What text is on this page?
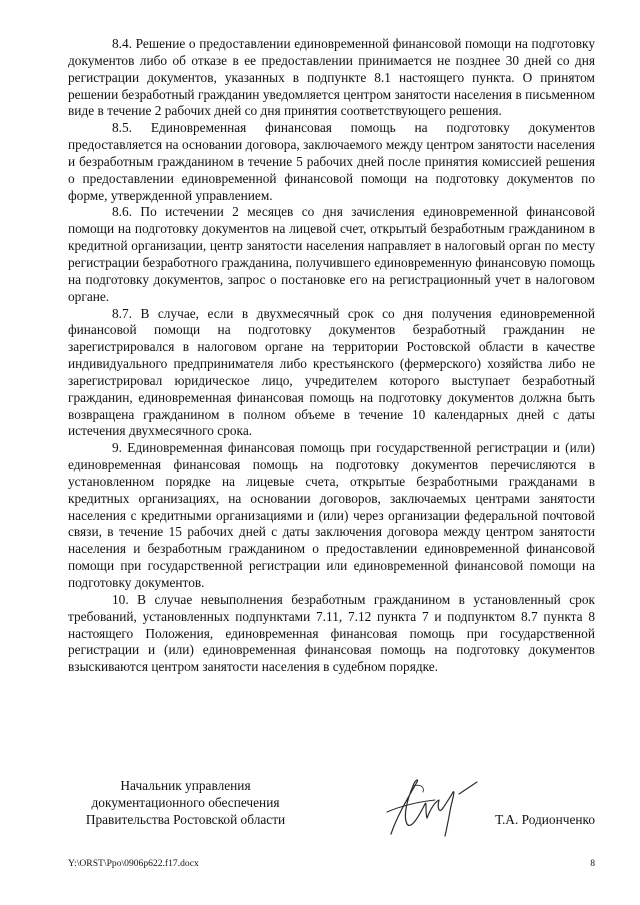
8.4. Решение о предоставлении единовременной финансовой помощи на подготовку документов либо об отказе в ее предоставлении принимается не позднее 30 дней со дня регистрации документов, указанных в подпункте 8.1 настоящего пункта. О принятом решении безработный гражданин уведомляется центром занятости населения в письменном виде в течение 2 рабочих дней со дня принятия соответствующего решения.

8.5. Единовременная финансовая помощь на подготовку документов предоставляется на основании договора, заключаемого между центром занятости населения и безработным гражданином в течение 5 рабочих дней после принятия комиссией решения о предоставлении единовременной финансовой помощи на подготовку документов по форме, утвержденной управлением.

8.6. По истечении 2 месяцев со дня зачисления единовременной финансовой помощи на подготовку документов на лицевой счет, открытый безработным гражданином в кредитной организации, центр занятости населения направляет в налоговый орган по месту регистрации безработного гражданина, получившего единовременную финансовую помощь на подготовку документов, запрос о постановке его на регистрационный учет в налоговом органе.

8.7. В случае, если в двухмесячный срок со дня получения единовременной финансовой помощи на подготовку документов безработный гражданин не зарегистрировался в налоговом органе на территории Ростовской области в качестве индивидуального предпринимателя либо крестьянского (фермерского) хозяйства либо не зарегистрировал юридическое лицо, учредителем которого выступает безработный гражданин, единовременная финансовая помощь на подготовку документов должна быть возвращена гражданином в полном объеме в течение 10 календарных дней с даты истечения двухмесячного срока.

9. Единовременная финансовая помощь при государственной регистрации и (или) единовременная финансовая помощь на подготовку документов перечисляются в установленном порядке на лицевые счета, открытые безработными гражданами в кредитных организациях, на основании договоров, заключаемых центрами занятости населения с кредитными организациями и (или) через организации федеральной почтовой связи, в течение 15 рабочих дней с даты заключения договора между центром занятости населения и безработным гражданином о предоставлении единовременной финансовой помощи при государственной регистрации или единовременной финансовой помощи на подготовку документов.

10. В случае невыполнения безработным гражданином в установленный срок требований, установленных подпунктами 7.11, 7.12 пункта 7 и подпунктом 8.7 пункта 8 настоящего Положения, единовременная финансовая помощь при государственной регистрации и (или) единовременная финансовая помощь на подготовку документов взыскиваются центром занятости населения в судебном порядке.

Начальник управления
документационного обеспечения
Правительства Ростовской области	Т.А. Родионченко
Y:\ORST\Ppo\0906p622.f17.docx	8
